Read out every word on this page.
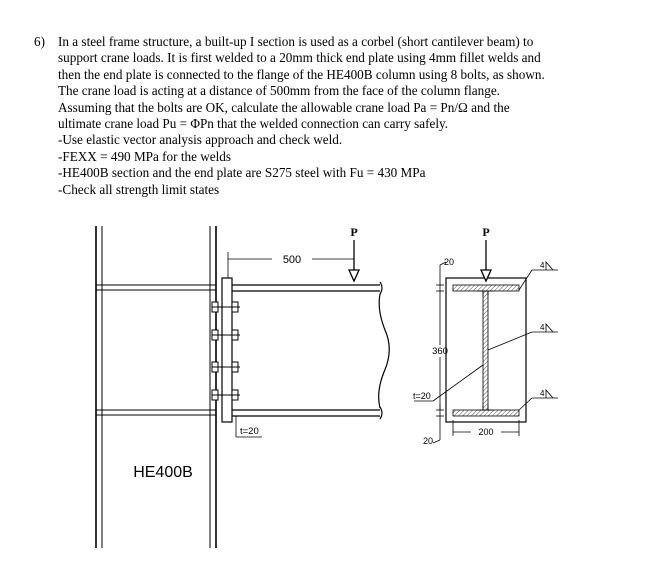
6) In a steel frame structure, a built-up I section is used as a corbel (short cantilever beam) to
support crane loads. It is first welded to a 20mm thick end plate using 4mm fillet welds and
then the end plate is connected to the flange of the HE400B column using 8 bolts, as shown.
The crane load is acting at a distance of 500mm from the face of the column flange.
Assuming that the bolts are OK, calculate the allowable crane load Pa = Pn/Ω and the
ultimate crane load Pu = ΦPn that the welded connection can carry safely.
-Use elastic vector analysis approach and check weld.
-FEXX = 490 MPa for the welds
-HE400B section and the end plate are S275 steel with Fu = 430 MPa
-Check all strength limit states
500
P
t=20
HE400B
P
20
360
20
t=20
200
4
4
4
